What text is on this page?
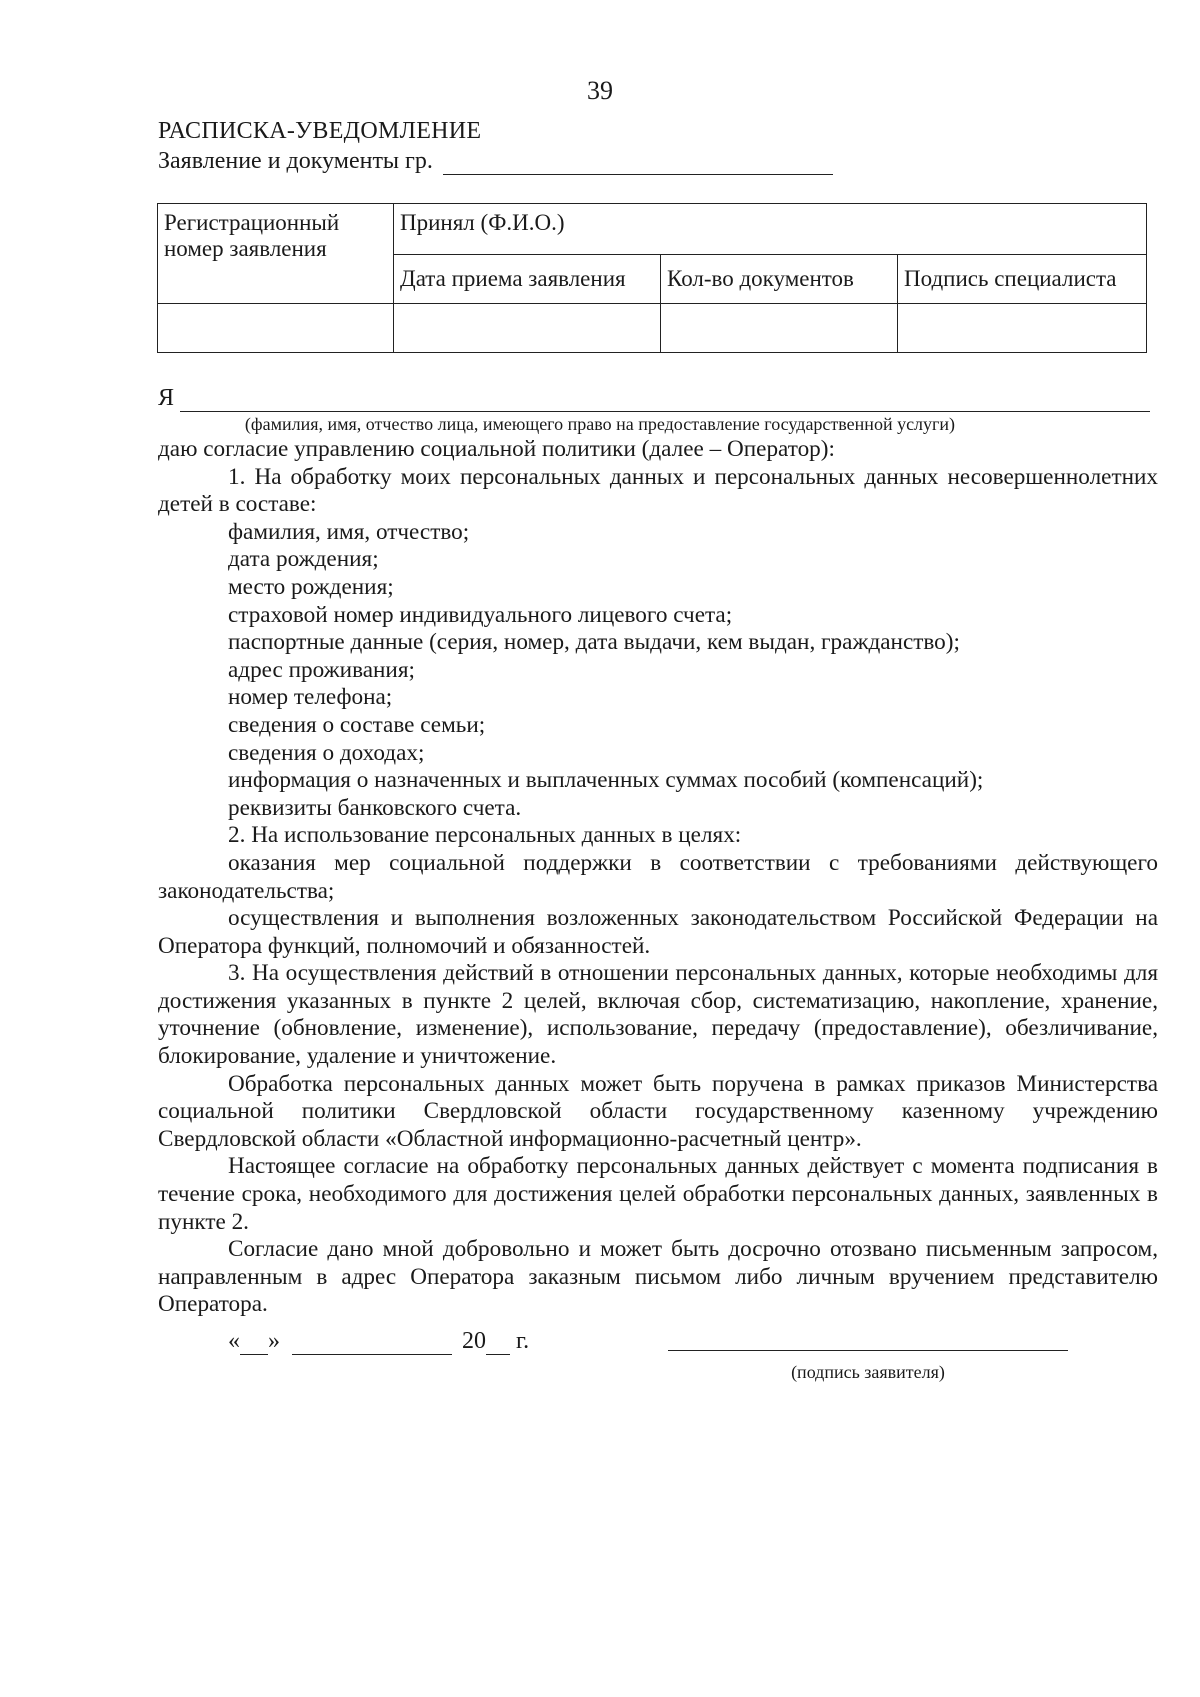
39
РАСПИСКА-УВЕДОМЛЕНИЕ
Заявление и документы гр.
Регистрационный номер заявления	Принял (Ф.И.О.)		
	Дата приема заявления	Кол-во документов	Подпись специалиста

Я
(фамилия, имя, отчество лица, имеющего право на предоставление государственной услуги)

даю согласие управлению социальной политики (далее – Оператор):

1. На обработку моих персональных данных и персональных данных несовершеннолетних детей в составе:

фамилия, имя, отчество;

дата рождения;

место рождения;

страховой номер индивидуального лицевого счета;

паспортные данные (серия, номер, дата выдачи, кем выдан, гражданство);

адрес проживания;

номер телефона;

сведения о составе семьи;

сведения о доходах;

информация о назначенных и выплаченных суммах пособий (компенсаций);

реквизиты банковского счета.

2. На использование персональных данных в целях:

оказания мер социальной поддержки в соответствии с требованиями действующего законодательства;

осуществления и выполнения возложенных законодательством Российской Федерации на Оператора функций, полномочий и обязанностей.

3. На осуществления действий в отношении персональных данных, которые необходимы для достижения указанных в пункте 2 целей, включая сбор, систематизацию, накопление, хранение, уточнение (обновление, изменение), использование, передачу (предоставление), обезличивание, блокирование, удаление и уничтожение.

Обработка персональных данных может быть поручена в рамках приказов Министерства социальной политики Свердловской области государственному казенному учреждению Свердловской области «Областной информационно-расчетный центр».

Настоящее согласие на обработку персональных данных действует с момента подписания в течение срока, необходимого для достижения целей обработки персональных данных, заявленных в пункте 2.

Согласие дано мной добровольно и может быть досрочно отозвано письменным запросом, направленным в адрес Оператора заказным письмом либо личным вручением представителю Оператора.

« »	20 г.
(подпись заявителя)
